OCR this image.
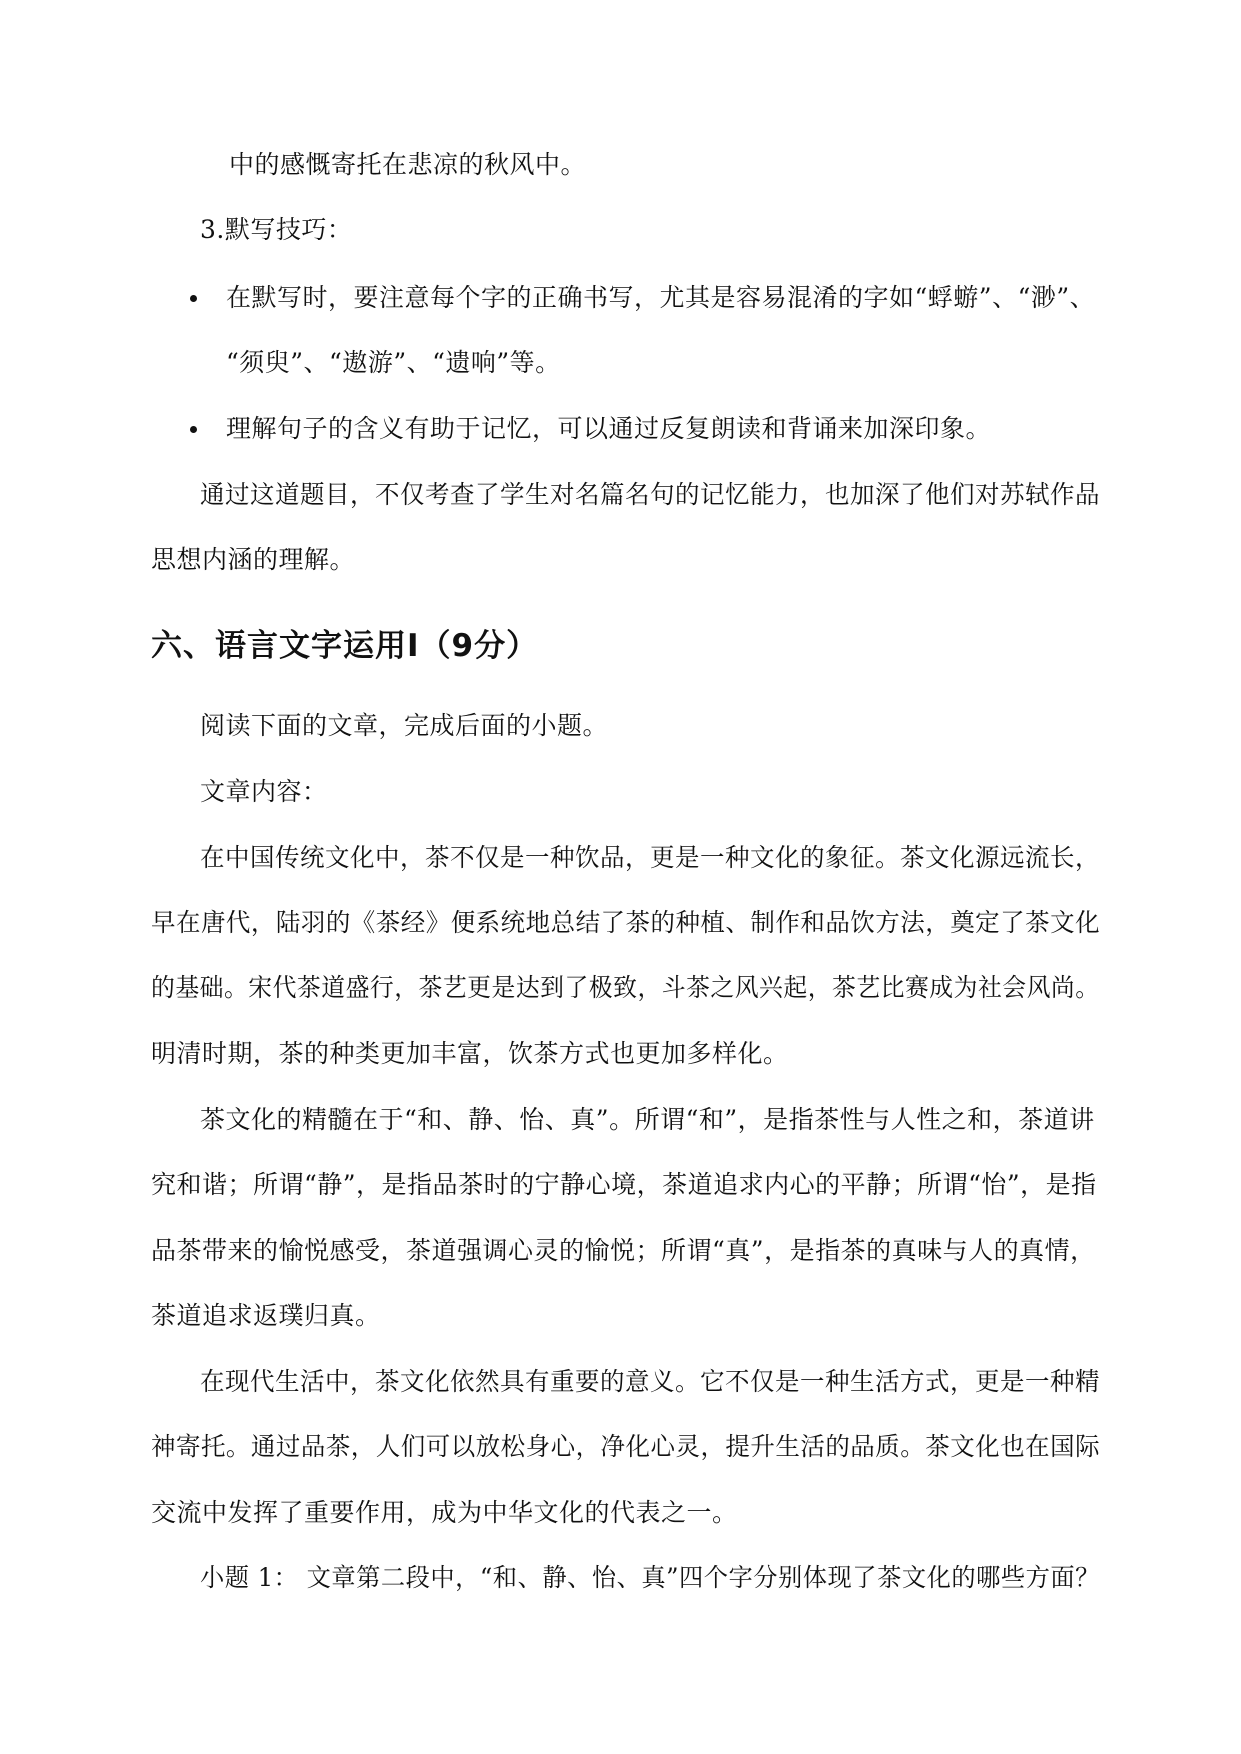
中的感慨寄托在悲凉的秋风中。
3.默写技巧：
在默写时，要注意每个字的正确书写，尤其是容易混淆的字如“蜉蝣”、“渺”、
“须臾”、“遨游”、“遗响”等。
理解句子的含义有助于记忆，可以通过反复朗读和背诵来加深印象。
通过这道题目，不仅考查了学生对名篇名句的记忆能力，也加深了他们对苏轼作品
思想内涵的理解。
六、语言文字运用Ⅰ（9分）
阅读下面的文章，完成后面的小题。
文章内容：
在中国传统文化中，茶不仅是一种饮品，更是一种文化的象征。茶文化源远流长，
早在唐代，陆羽的《茶经》便系统地总结了茶的种植、制作和品饮方法，奠定了茶文化
的基础。宋代茶道盛行，茶艺更是达到了极致，斗茶之风兴起，茶艺比赛成为社会风尚。
明清时期，茶的种类更加丰富，饮茶方式也更加多样化。
茶文化的精髓在于“和、静、怡、真”。所谓“和”，是指茶性与人性之和，茶道讲
究和谐；所谓“静”，是指品茶时的宁静心境，茶道追求内心的平静；所谓“怡”，是指
品茶带来的愉悦感受，茶道强调心灵的愉悦；所谓“真”，是指茶的真味与人的真情，
茶道追求返璞归真。
在现代生活中，茶文化依然具有重要的意义。它不仅是一种生活方式，更是一种精
神寄托。通过品茶，人们可以放松身心，净化心灵，提升生活的品质。茶文化也在国际
交流中发挥了重要作用，成为中华文化的代表之一。
小题 1： 文章第二段中，“和、静、怡、真”四个字分别体现了茶文化的哪些方面？
